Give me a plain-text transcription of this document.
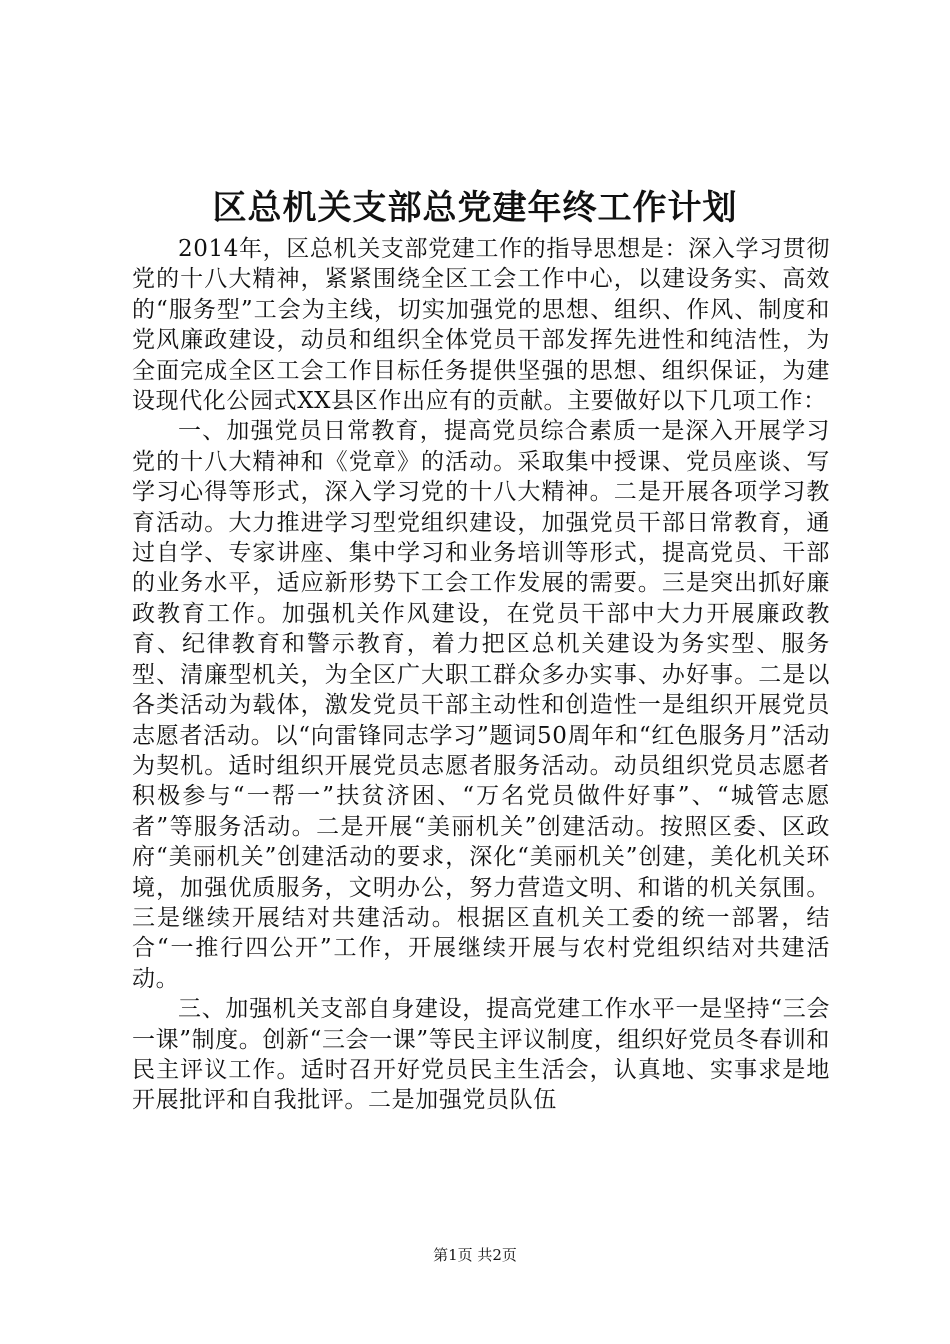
区总机关支部总党建年终工作计划

2014年，区总机关支部党建工作的指导思想是：深入学习贯彻党的十八大精神，紧紧围绕全区工会工作中心，以建设务实、高效的“服务型”工会为主线，切实加强党的思想、组织、作风、制度和党风廉政建设，动员和组织全体党员干部发挥先进性和纯洁性，为全面完成全区工会工作目标任务提供坚强的思想、组织保证，为建设现代化公园式XX县区作出应有的贡献。主要做好以下几项工作：

一、加强党员日常教育，提高党员综合素质一是深入开展学习党的十八大精神和《党章》的活动。采取集中授课、党员座谈、写学习心得等形式，深入学习党的十八大精神。二是开展各项学习教育活动。大力推进学习型党组织建设，加强党员干部日常教育，通过自学、专家讲座、集中学习和业务培训等形式，提高党员、干部的业务水平，适应新形势下工会工作发展的需要。三是突出抓好廉政教育工作。加强机关作风建设，在党员干部中大力开展廉政教育、纪律教育和警示教育，着力把区总机关建设为务实型、服务型、清廉型机关，为全区广大职工群众多办实事、办好事。二是以各类活动为载体，激发党员干部主动性和创造性一是组织开展党员志愿者活动。以“向雷锋同志学习”题词50周年和“红色服务月”活动为契机。适时组织开展党员志愿者服务活动。动员组织党员志愿者积极参与“一帮一”扶贫济困、“万名党员做件好事”、“城管志愿者”等服务活动。二是开展“美丽机关”创建活动。按照区委、区政府“美丽机关”创建活动的要求，深化“美丽机关”创建，美化机关环境，加强优质服务，文明办公，努力营造文明、和谐的机关氛围。三是继续开展结对共建活动。根据区直机关工委的统一部署，结合“一推行四公开”工作，开展继续开展与农村党组织结对共建活动。

三、加强机关支部自身建设，提高党建工作水平一是坚持“三会一课”制度。创新“三会一课”等民主评议制度，组织好党员冬春训和民主评议工作。适时召开好党员民主生活会，认真地、实事求是地开展批评和自我批评。二是加强党员队伍

第1页 共2页
